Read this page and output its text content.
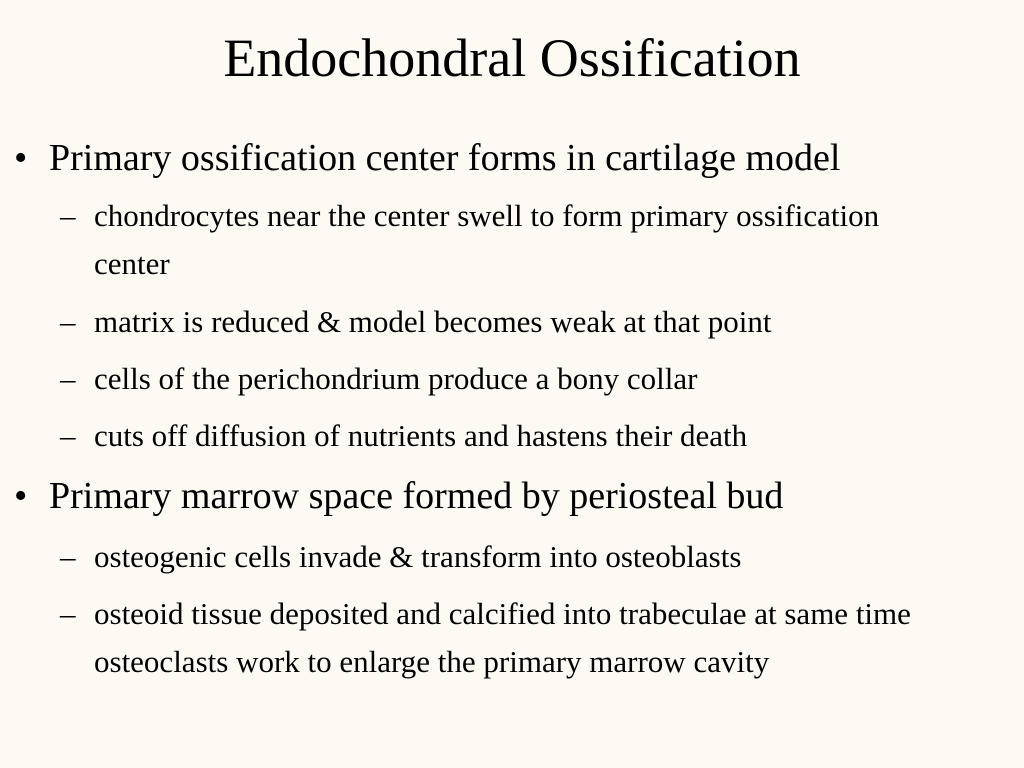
Endochondral Ossification
• Primary ossification center forms in cartilage model
– chondrocytes near the center swell to form primary ossification center
– matrix is reduced & model becomes weak at that point
– cells of the perichondrium produce a bony collar
– cuts off diffusion of nutrients and hastens their death
• Primary marrow space formed by periosteal bud
– osteogenic cells invade & transform into osteoblasts
– osteoid tissue deposited and calcified into trabeculae at same time osteoclasts work to enlarge the primary marrow cavity
